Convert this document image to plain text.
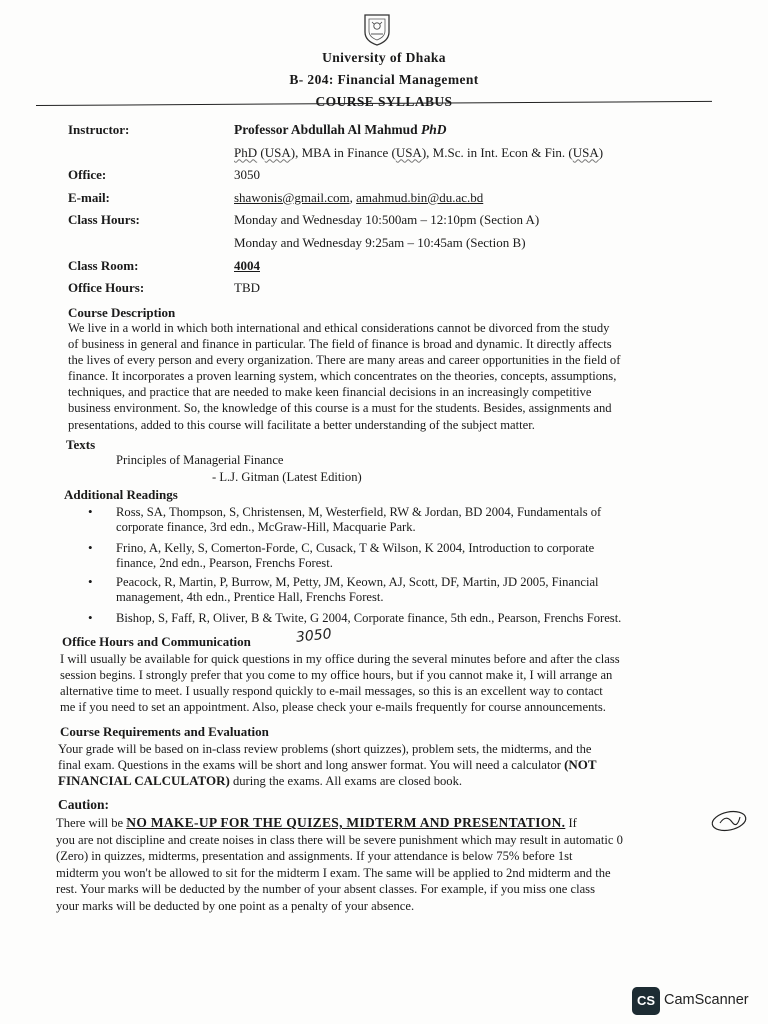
University of Dhaka
B- 204: Financial Management
COURSE SYLLABUS
Instructor:	Professor Abdullah Al Mahmud PhD
PhD (USA), MBA in Finance (USA), M.Sc. in Int. Econ & Fin. (USA)
Office:	3050
E-mail:	shawonis@gmail.com, amahmud.bin@du.ac.bd
Class Hours:	Monday and Wednesday 10:500am – 12:10pm (Section A)
Monday and Wednesday 9:25am – 10:45am (Section B)
Class Room:	4004
Office Hours:	TBD
Course Description
We live in a world in which both international and ethical considerations cannot be divorced from the study
of business in general and finance in particular. The field of finance is broad and dynamic. It directly affects
the lives of every person and every organization. There are many areas and career opportunities in the field of
finance. It incorporates a proven learning system, which concentrates on the theories, concepts, assumptions,
techniques, and practice that are needed to make keen financial decisions in an increasingly competitive
business environment. So, the knowledge of this course is a must for the students. Besides, assignments and
presentations, added to this course will facilitate a better understanding of the subject matter.
Texts
Principles of Managerial Finance
- L.J. Gitman (Latest Edition)
Additional Readings
• Ross, SA, Thompson, S, Christensen, M, Westerfield, RW & Jordan, BD 2004, Fundamentals of
corporate finance, 3rd edn., McGraw-Hill, Macquarie Park.
• Frino, A, Kelly, S, Comerton-Forde, C, Cusack, T & Wilson, K 2004, Introduction to corporate
finance, 2nd edn., Pearson, Frenchs Forest.
• Peacock, R, Martin, P, Burrow, M, Petty, JM, Keown, AJ, Scott, DF, Martin, JD 2005, Financial
management, 4th edn., Prentice Hall, Frenchs Forest.
• Bishop, S, Faff, R, Oliver, B & Twite, G 2004, Corporate finance, 5th edn., Pearson, Frenchs Forest.
Office Hours and Communication	3050
I will usually be available for quick questions in my office during the several minutes before and after the class
session begins. I strongly prefer that you come to my office hours, but if you cannot make it, I will arrange an
alternative time to meet. I usually respond quickly to e-mail messages, so this is an excellent way to contact
me if you need to set an appointment. Also, please check your e-mails frequently for course announcements.
Course Requirements and Evaluation
Your grade will be based on in-class review problems (short quizzes), problem sets, the midterms, and the
final exam. Questions in the exams will be short and long answer format. You will need a calculator (NOT
FINANCIAL CALCULATOR) during the exams. All exams are closed book.
Caution:
There will be NO MAKE-UP FOR THE QUIZES, MIDTERM AND PRESENTATION. If
you are not discipline and create noises in class there will be severe punishment which may result in automatic 0
(Zero) in quizzes, midterms, presentation and assignments. If your attendance is below 75% before 1st
midterm you won't be allowed to sit for the midterm I exam. The same will be applied to 2nd midterm and the
rest. Your marks will be deducted by the number of your absent classes. For example, if you miss one class
your marks will be deducted by one point as a penalty of your absence.
CS CamScanner
